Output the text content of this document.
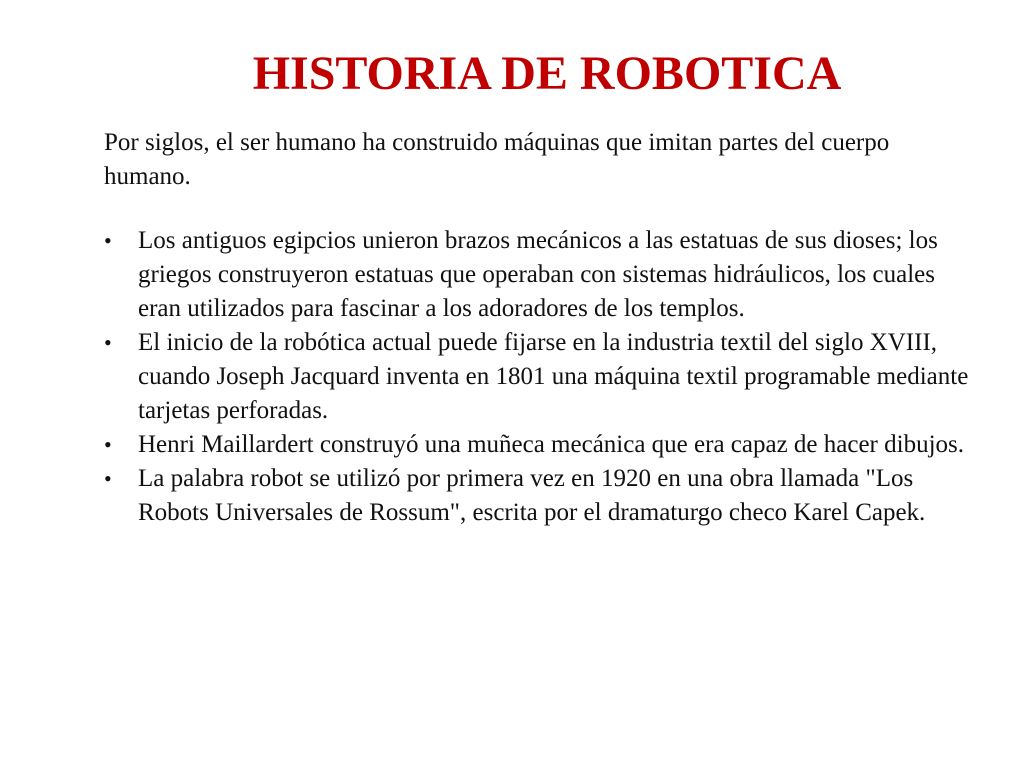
HISTORIA DE ROBOTICA

Por siglos, el ser humano ha construido máquinas que imitan partes del cuerpo humano.

•	Los antiguos egipcios unieron brazos mecánicos a las estatuas de sus dioses; los griegos construyeron estatuas que operaban con sistemas hidráulicos, los cuales eran utilizados para fascinar a los adoradores de los templos.
•	El inicio de la robótica actual puede fijarse en la industria textil del siglo XVIII, cuando Joseph Jacquard inventa en 1801 una máquina textil programable mediante tarjetas perforadas.
•	Henri Maillardert construyó una muñeca mecánica que era capaz de hacer dibujos.
•	La palabra robot se utilizó por primera vez en 1920 en una obra llamada "Los Robots Universales de Rossum", escrita por el dramaturgo checo Karel Capek.
